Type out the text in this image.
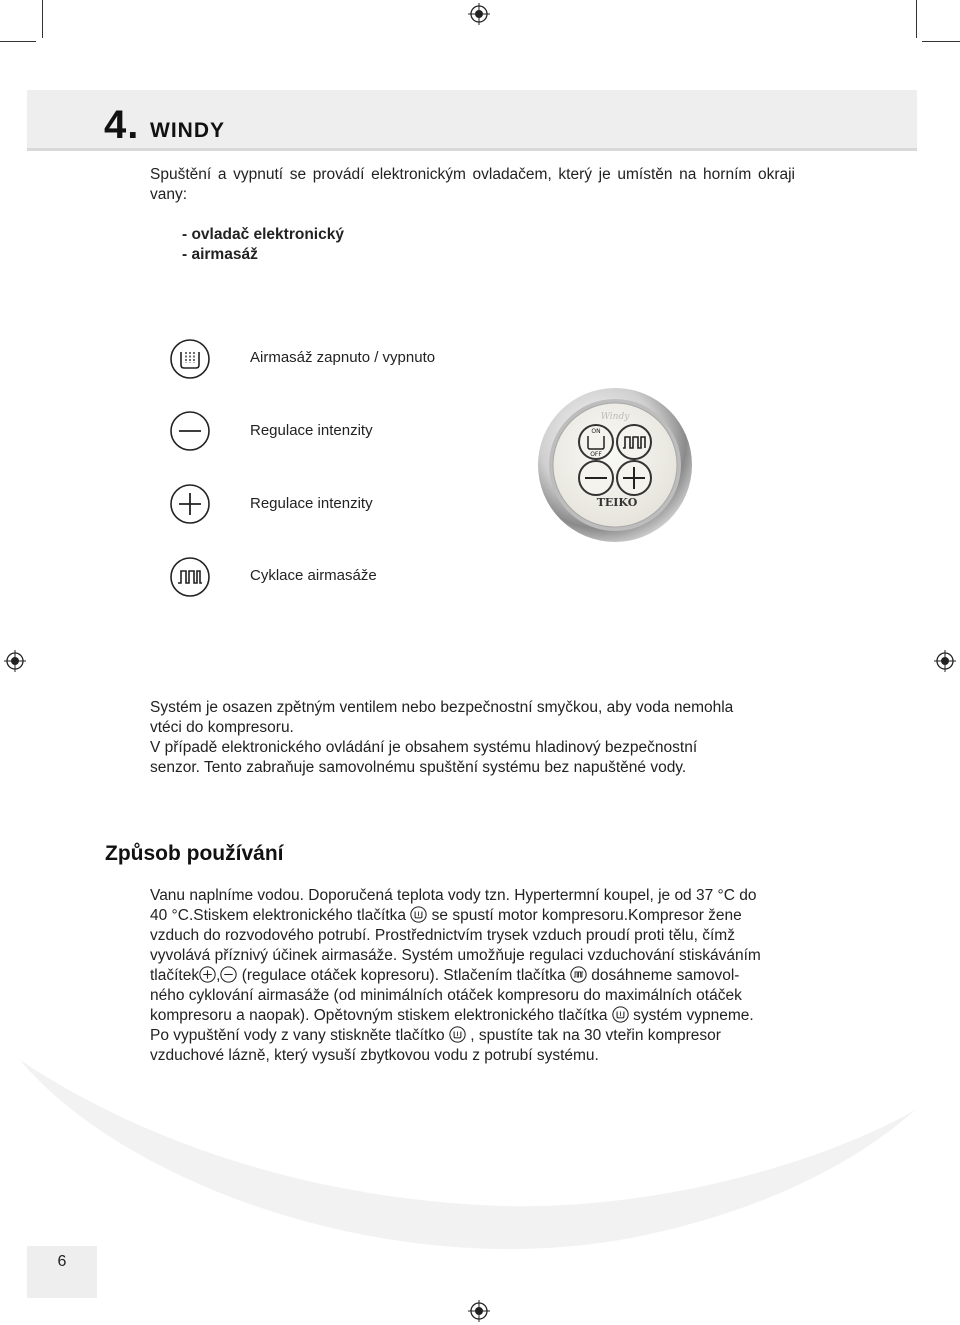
4. WINDY

Spuštění a vypnutí se provádí elektronickým ovladačem, který je umístěn na horním okraji vany:

- ovladač elektronický
- airmasáž
Airmasáž zapnuto / vypnuto
Regulace intenzity
Regulace intenzity
Cyklace airmasáže
Windy
ON
OFF
TEIKO
Systém je osazen zpětným ventilem nebo bezpečnostní smyčkou, aby voda nemohla
vtéci do kompresoru.
V případě elektronického ovládání je obsahem systému hladinový bezpečnostní
senzor. Tento zabraňuje samovolnému spuštění systému bez napuštěné vody.
Způsob používání
Vanu naplníme vodou. Doporučená teplota vody tzn. Hypertermní koupel, je od 37 °C do
40 °C.Stiskem elektronického tlačítka  se spustí motor kompresoru.Kompresor žene
vzduch do rozvodového potrubí. Prostřednictvím trysek vzduch proudí proti tělu, čímž
vyvolává příznivý účinek airmasáže. Systém umožňuje regulaci vzduchování stiskáváním
tlačítek , (regulace otáček kopresoru). Stlačením tlačítka  dosáhneme samovol-
ného cyklování airmasáže (od minimálních otáček kompresoru do maximálních otáček
kompresoru a naopak). Opětovným stiskem elektronického tlačítka  systém vypneme.
Po vypuštění vody z vany stiskněte tlačítko  , spustíte tak na 30 vteřin kompresor
vzduchové lázně, který vysuší zbytkovou vodu z potrubí systému.
6
